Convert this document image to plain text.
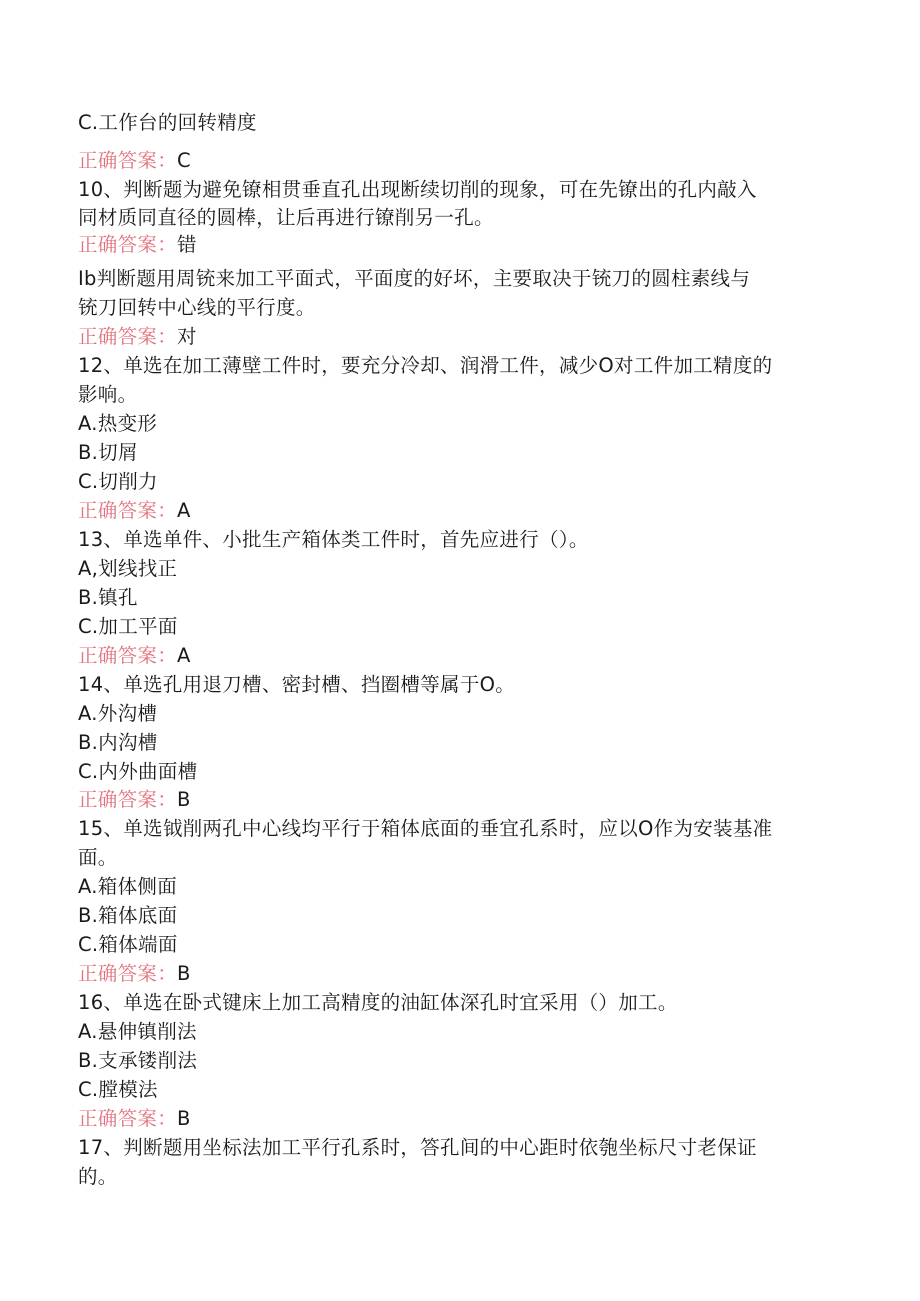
C.工作台的回转精度
正确答案：C
10、判断题为避免镣相贯垂直孔出现断续切削的现象，可在先镣出的孔内敲入
同材质同直径的圆棒，让后再进行镣削另一孔。
正确答案：错
Ib判断题用周铳来加工平面式，平面度的好坏，主要取决于铳刀的圆柱素线与
铳刀回转中心线的平行度。
正确答案：对
12、单选在加工薄壁工件时，要充分冷却、润滑工件，减少O对工件加工精度的
影响。
A.热变形
B.切屑
C.切削力
正确答案：A
13、单选单件、小批生产箱体类工件时，首先应进行（）。
A,划线找正
B.镇孔
C.加工平面
正确答案：A
14、单选孔用退刀槽、密封槽、挡圈槽等属于O。
A.外沟槽
B.内沟槽
C.内外曲面槽
正确答案：B
15、单选钺削两孔中心线均平行于箱体底面的垂宜孔系时，应以O作为安装基准
面。
A.箱体侧面
B.箱体底面
C.箱体端面
正确答案：B
16、单选在卧式键床上加工高精度的油缸体深孔时宜采用（）加工。
A.悬伸镇削法
B.支承镂削法
C.膛模法
正确答案：B
17、判断题用坐标法加工平行孔系时，答孔间的中心距时依匏坐标尺寸老保证
的。
